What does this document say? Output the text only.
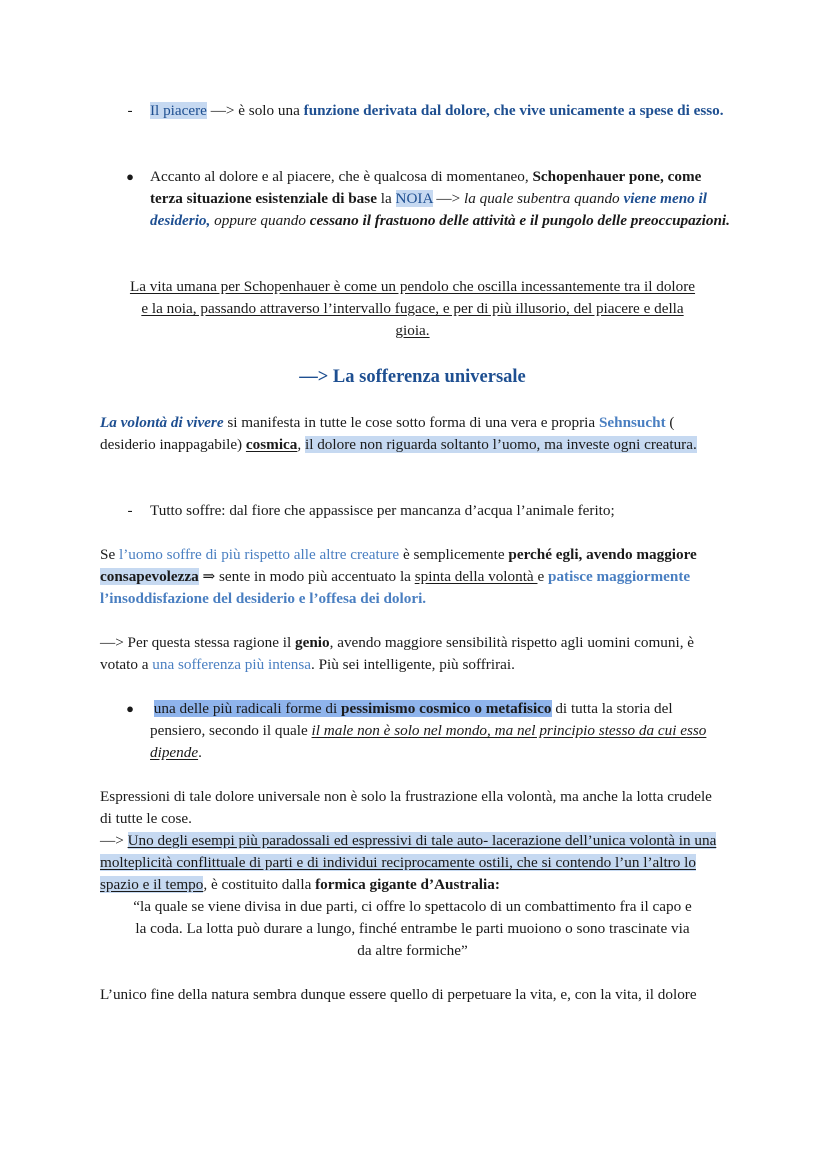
-	Il piacere —> è solo una funzione derivata dal dolore, che vive unicamente a spese di esso.
● Accanto al dolore e al piacere, che è qualcosa di momentaneo, Schopenhauer pone, come terza situazione esistenziale di base la NOIA —> la quale subentra quando viene meno il desiderio, oppure quando cessano il frastuono delle attività e il pungolo delle preoccupazioni.
La vita umana per Schopenhauer è come un pendolo che oscilla incessantemente tra il dolore
e la noia, passando attraverso l’intervallo fugace, e per di più illusorio, del piacere e della
gioia.
—> La sofferenza universale
La volontà di vivere si manifesta in tutte le cose sotto forma di una vera e propria Sehnsucht ( desiderio inappagabile) cosmica, il dolore non riguarda soltanto l’uomo, ma investe ogni creatura.
-	Tutto soffre: dal fiore che appassisce per mancanza d’acqua l’animale ferito;
Se l’uomo soffre di più rispetto alle altre creature è semplicemente perché egli, avendo maggiore consapevolezza ⇒ sente in modo più accentuato la spinta della volontà e patisce maggiormente l’insoddisfazione del desiderio e l’offesa dei dolori.
—> Per questa stessa ragione il genio, avendo maggiore sensibilità rispetto agli uomini comuni, è votato a una sofferenza più intensa. Più sei intelligente, più soffrirai.
● una delle più radicali forme di pessimismo cosmico o metafisico di tutta la storia del pensiero, secondo il quale il male non è solo nel mondo, ma nel principio stesso da cui esso dipende.
Espressioni di tale dolore universale non è solo la frustrazione ella volontà, ma anche la lotta crudele di tutte le cose.
—> Uno degli esempi più paradossali ed espressivi di tale auto- lacerazione dell’unica volontà in una molteplicità conflittuale di parti e di individui reciprocamente ostili, che si contendo l’un l’altro lo spazio e il tempo, è costituito dalla formica gigante d’Australia:
“la quale se viene divisa in due parti, ci offre lo spettacolo di un combattimento fra il capo e
la coda. La lotta può durare a lungo, finché entrambe le parti muoiono o sono trascinate via
da altre formiche”
L’unico fine della natura sembra dunque essere quello di perpetuare la vita, e, con la vita, il dolore
